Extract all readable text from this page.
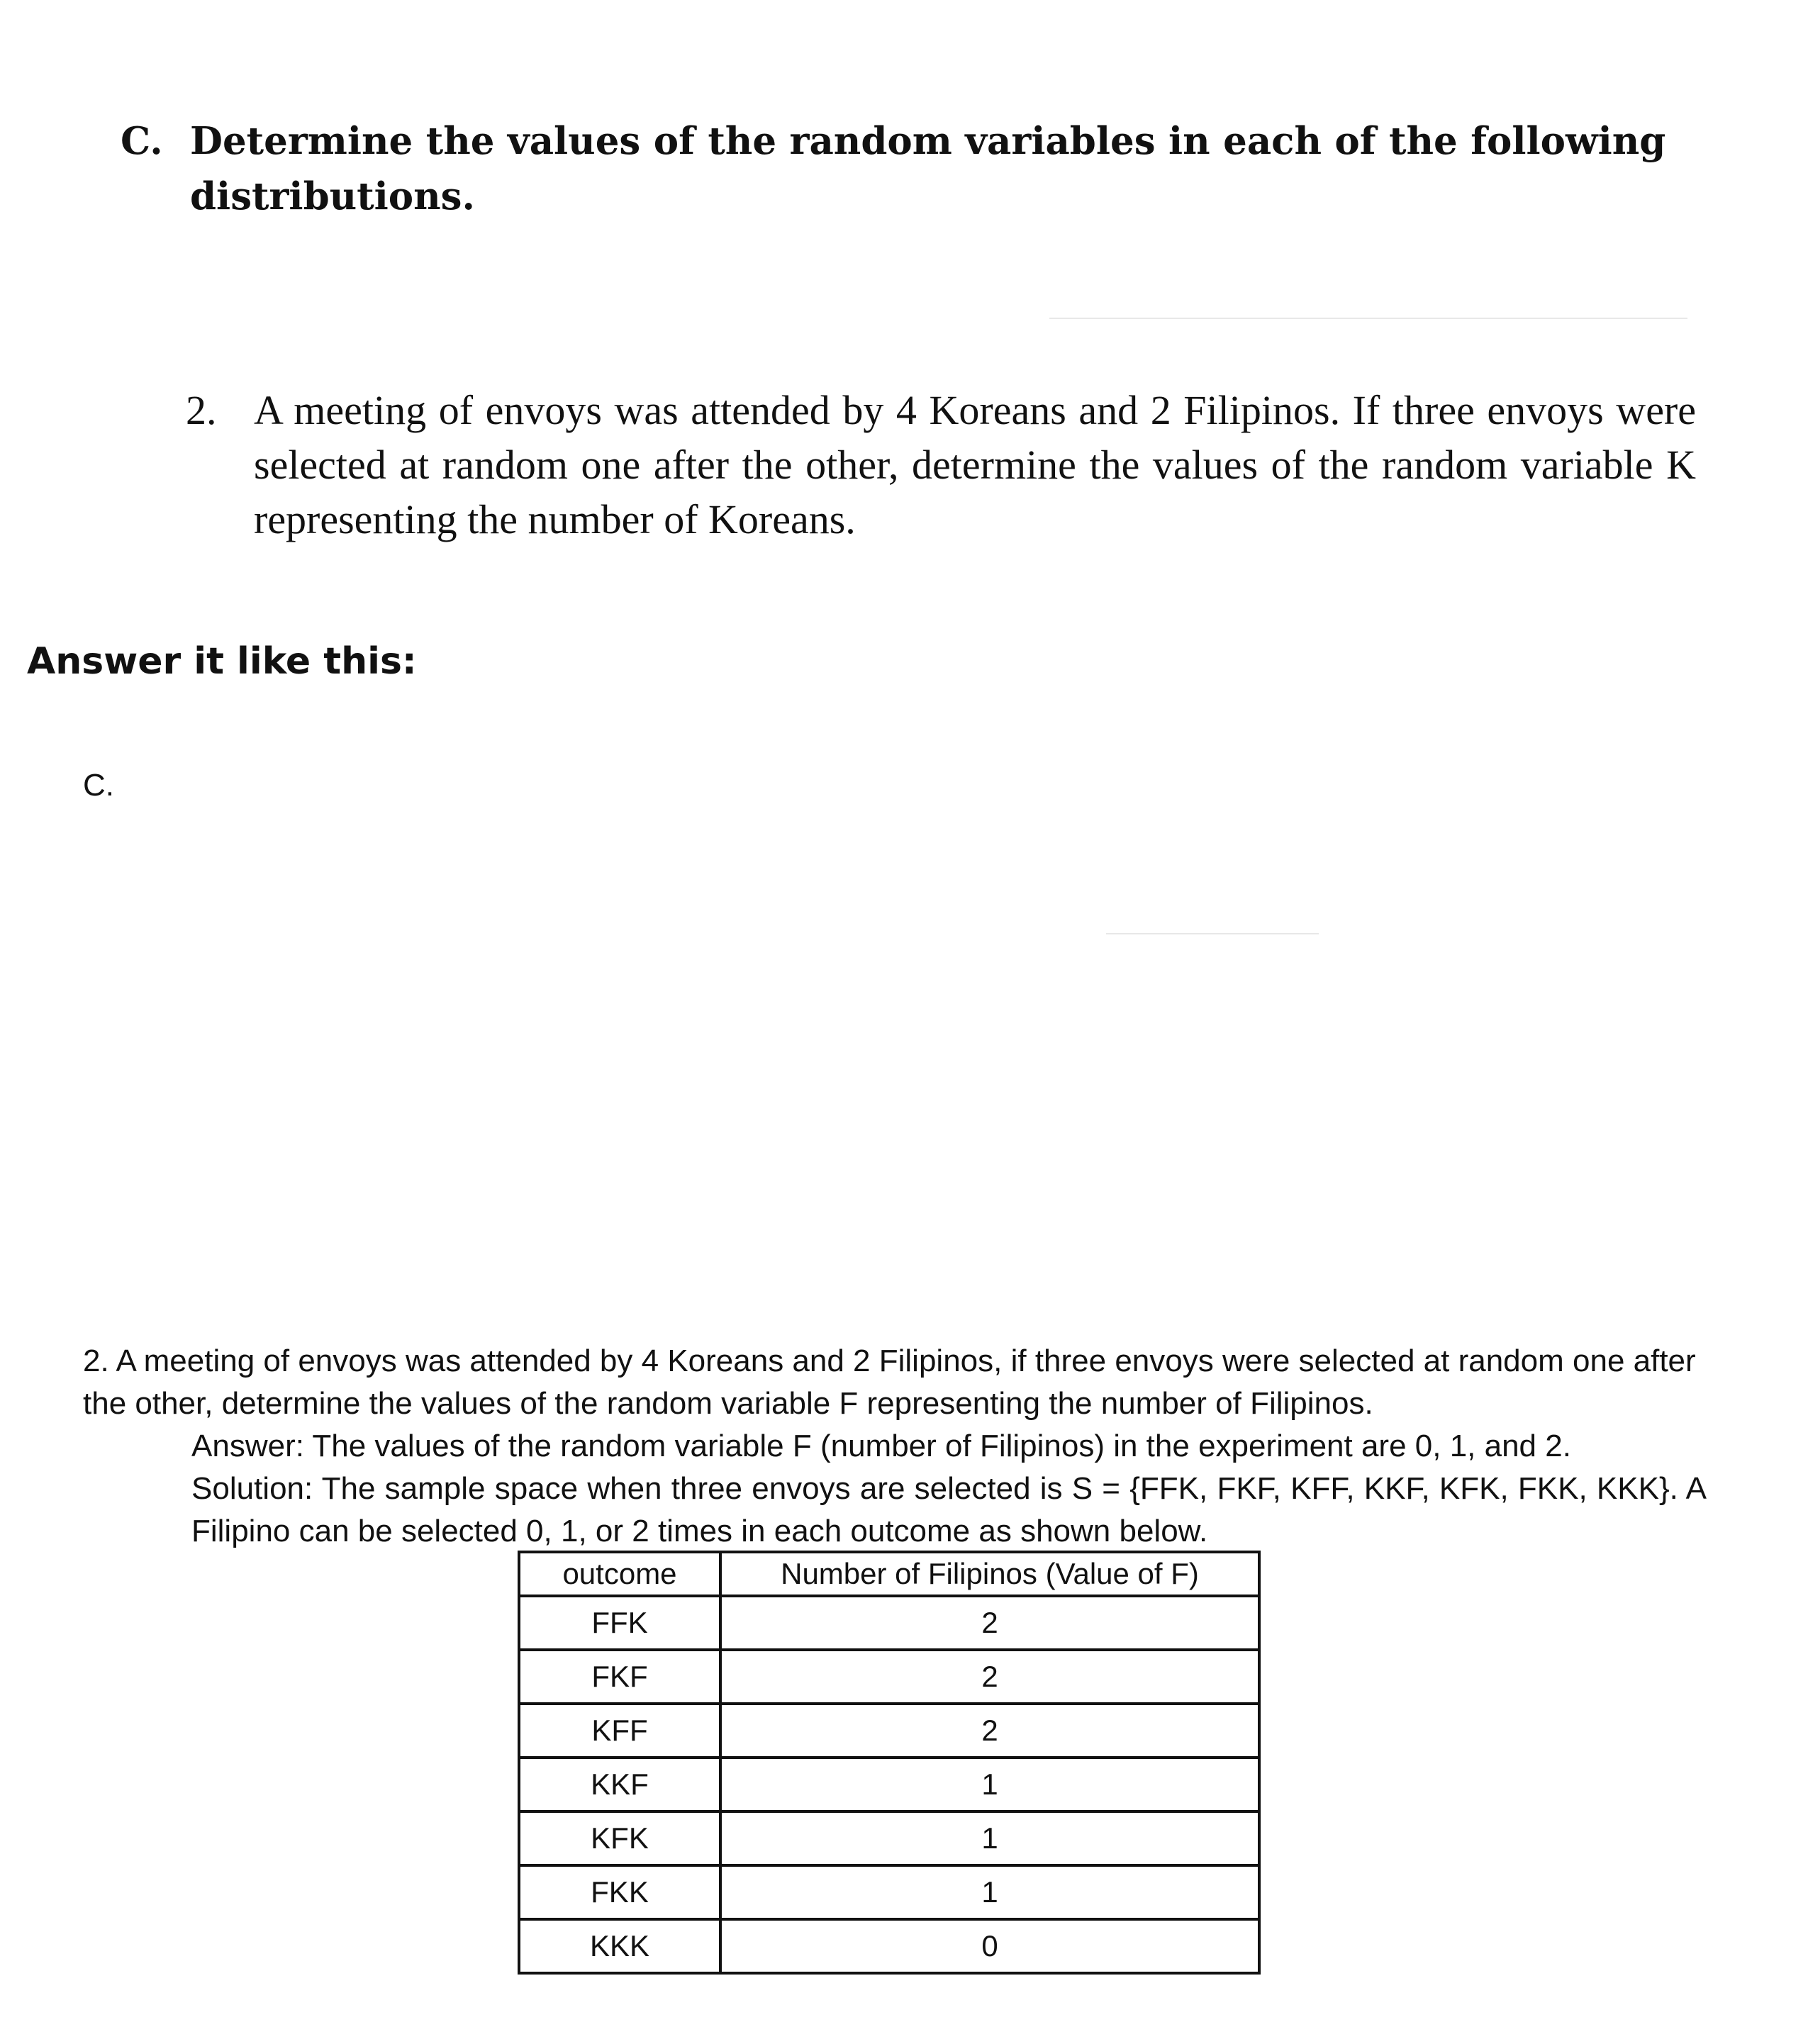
C. Determine the values of the random variables in each of the following distributions.
2. A meeting of envoys was attended by 4 Koreans and 2 Filipinos. If three envoys were selected at random one after the other, determine the values of the random variable K representing the number of Koreans.
Answer it like this:
C.
2. A meeting of envoys was attended by 4 Koreans and 2 Filipinos, if three envoys were selected at random one after the other, determine the values of the random variable F representing the number of Filipinos.
Answer: The values of the random variable F (number of Filipinos) in the experiment are 0, 1, and 2.
Solution: The sample space when three envoys are selected is S = {FFK, FKF, KFF, KKF, KFK, FKK, KKK}. A Filipino can be selected 0, 1, or 2 times in each outcome as shown below.
outcome	Number of Filipinos (Value of F)
FFK	2
FKF	2
KFF	2
KKF	1
KFK	1
FKK	1
KKK	0
